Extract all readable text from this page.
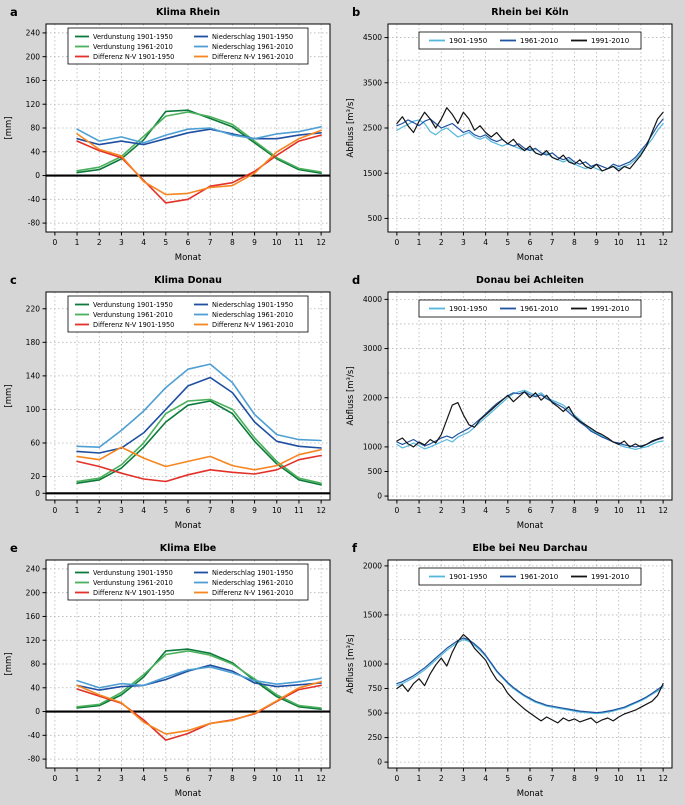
0 1 2 3 4 5 6 7 8 9 10 11 12
-80
-40
0
40
80
120
160
200
240
Monat
[mm]
Verdunstung 1901-1950
Verdunstung 1961-2010
Differenz N-V 1901-1950
Niederschlag 1901-1950
Niederschlag 1961-2010
Differenz N-V 1961-2010
a	Klima Rhein
0 1 2 3 4 5 6 7 8 9 10 11 12
500
1500
2500
3500
4500
Monat
Abfluss [m³/s]
1901-1950	1961-2010	1991-2010
b	Rhein bei Köln
0 1 2 3 4 5 6 7 8 9 10 11 12
0
20
60
100
140
180
220
Monat
[mm]
Verdunstung 1901-1950
Verdunstung 1961-2010
Differenz N-V 1901-1950
Niederschlag 1901-1950
Niederschlag 1961-2010
Differenz N-V 1961-2010
c	Klima Donau
0 1 2 3 4 5 6 7 8 9 10 11 12
0
500
1000
2000
3000
4000
Monat
Abfluss [m³/s]
1901-1950	1961-2010	1991-2010
d	Donau bei Achleiten
0 1 2 3 4 5 6 7 8 9 10 11 12
-80
-40
0
40
80
120
160
200
240
Monat
[mm]
Verdunstung 1901-1950
Verdunstung 1961-2010
Differenz N-V 1901-1950
Niederschlag 1901-1950
Niederschlag 1961-2010
Differenz N-V 1961-2010
e	Klima Elbe
0 1 2 3 4 5 6 7 8 9 10 11 12
0
250
500
750
1000
1500
2000
Monat
Abfluss [m³/s]
1901-1950	1961-2010	1991-2010
f	Elbe bei Neu Darchau
